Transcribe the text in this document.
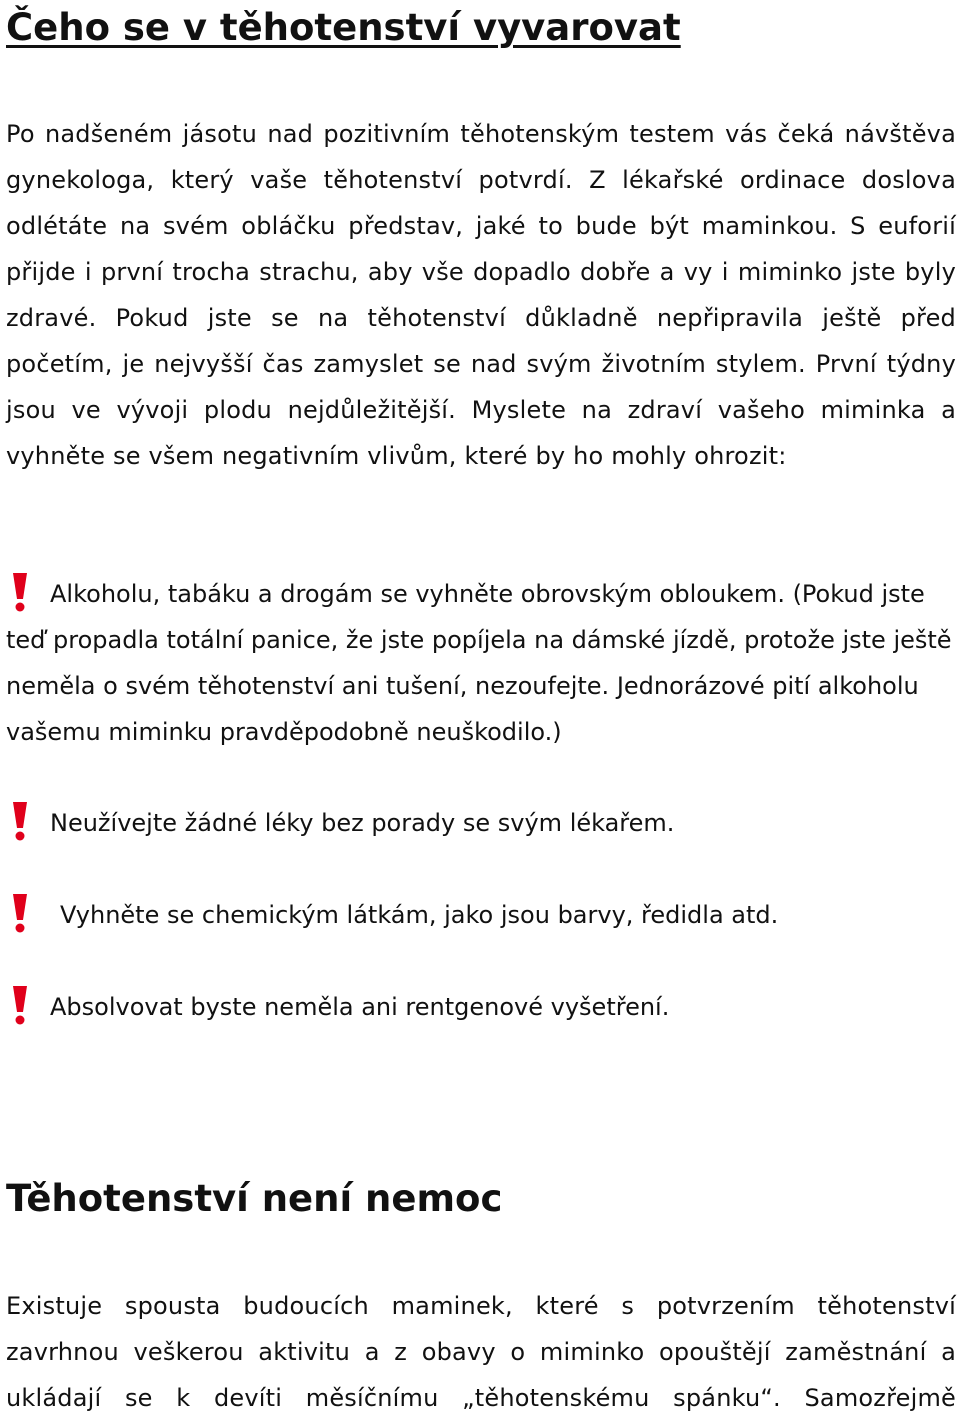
Čeho se v těhotenství vyvarovat

Po nadšeném jásotu nad pozitivním těhotenským testem vás čeká návštěva gynekologa, který vaše těhotenství potvrdí. Z lékařské ordinace doslova odlétáte na svém obláčku představ, jaké to bude být maminkou. S euforií přijde i první trocha strachu, aby vše dopadlo dobře a vy i miminko jste byly zdravé. Pokud jste se na těhotenství důkladně nepřipravila ještě před početím, je nejvyšší čas zamyslet se nad svým životním stylem. První týdny jsou ve vývoji plodu nejdůležitější. Myslete na zdraví vašeho miminka a vyhněte se všem negativním vlivům, které by ho mohly ohrozit:

Alkoholu, tabáku a drogám se vyhněte obrovským obloukem. (Pokud jste teď propadla totální panice, že jste popíjela na dámské jízdě, protože jste ještě neměla o svém těhotenství ani tušení, nezoufejte. Jednorázové pití alkoholu vašemu miminku pravděpodobně neuškodilo.)

Neužívejte žádné léky bez porady se svým lékařem.

Vyhněte se chemickým látkám, jako jsou barvy, ředidla atd.

Absolvovat byste neměla ani rentgenové vyšetření.

Těhotenství není nemoc

Existuje spousta budoucích maminek, které s potvrzením těhotenství zavrhnou veškerou aktivitu a z obavy o miminko opouštějí zaměstnání a ukládají se k devíti měsíčnímu „těhotenskému spánku“. Samozřejmě
